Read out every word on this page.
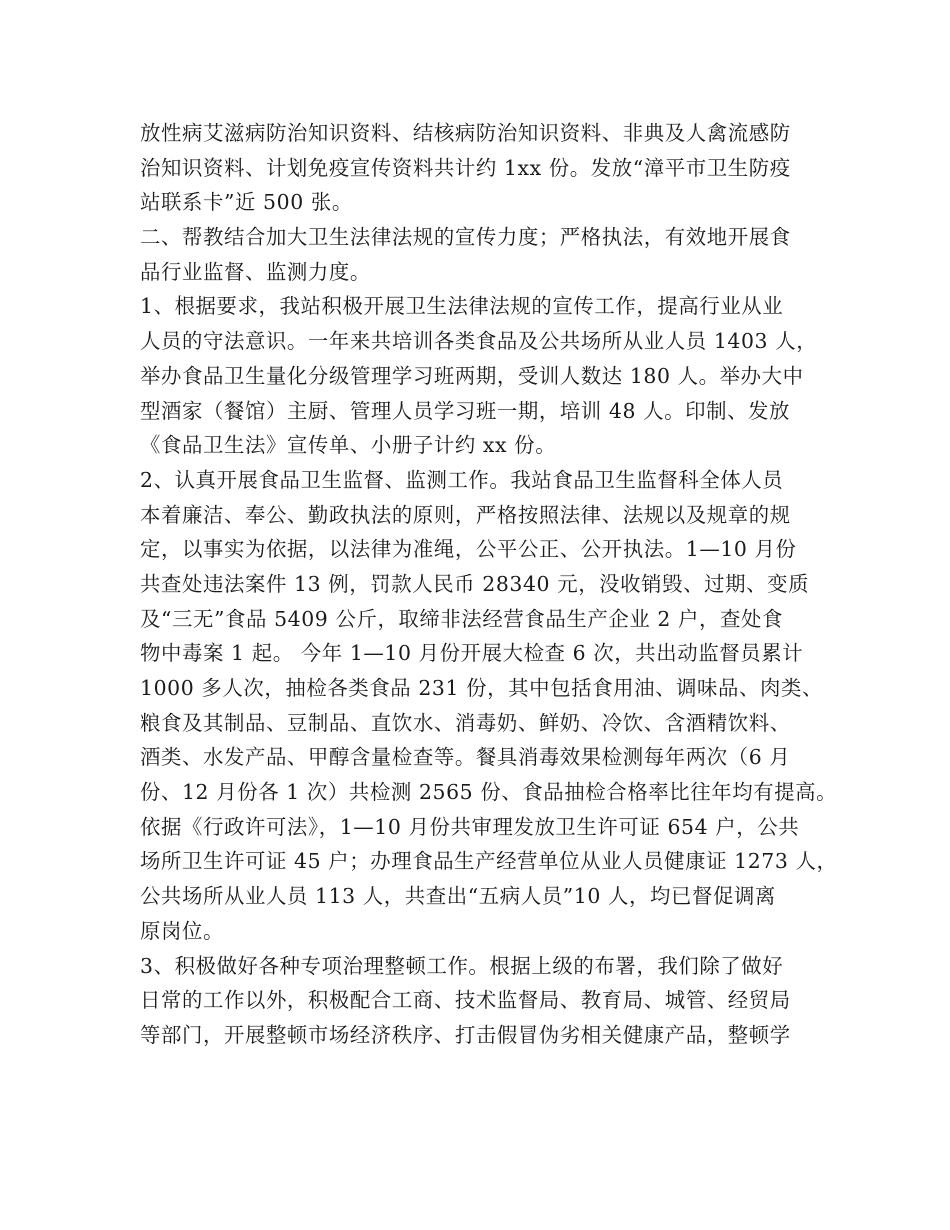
放性病艾滋病防治知识资料、结核病防治知识资料、非典及人禽流感防
治知识资料、计划免疫宣传资料共计约 1xx 份。发放“漳平市卫生防疫
站联系卡”近 500 张。
二、帮教结合加大卫生法律法规的宣传力度；严格执法，有效地开展食
品行业监督、监测力度。
1、根据要求，我站积极开展卫生法律法规的宣传工作，提高行业从业
人员的守法意识。一年来共培训各类食品及公共场所从业人员 1403 人，
举办食品卫生量化分级管理学习班两期，受训人数达 180 人。举办大中
型酒家（餐馆）主厨、管理人员学习班一期，培训 48 人。印制、发放
《食品卫生法》宣传单、小册子计约 xx 份。
2、认真开展食品卫生监督、监测工作。我站食品卫生监督科全体人员
本着廉洁、奉公、勤政执法的原则，严格按照法律、法规以及规章的规
定，以事实为依据，以法律为准绳，公平公正、公开执法。1—10 月份
共查处违法案件 13 例，罚款人民币 28340 元，没收销毁、过期、变质
及“三无”食品 5409 公斤，取缔非法经营食品生产企业 2 户，查处食
物中毒案 1 起。 今年 1—10 月份开展大检查 6 次，共出动监督员累计
1000 多人次，抽检各类食品 231 份，其中包括食用油、调味品、肉类、
粮食及其制品、豆制品、直饮水、消毒奶、鲜奶、冷饮、含酒精饮料、
酒类、水发产品、甲醇含量检查等。餐具消毒效果检测每年两次（6 月
份、12 月份各 1 次）共检测 2565 份、食品抽检合格率比往年均有提高。
依据《行政许可法》，1—10 月份共审理发放卫生许可证 654 户，公共
场所卫生许可证 45 户；办理食品生产经营单位从业人员健康证 1273 人，
公共场所从业人员 113 人，共查出“五病人员”10 人，均已督促调离
原岗位。
3、积极做好各种专项治理整顿工作。根据上级的布署，我们除了做好
日常的工作以外，积极配合工商、技术监督局、教育局、城管、经贸局
等部门，开展整顿市场经济秩序、打击假冒伪劣相关健康产品，整顿学
